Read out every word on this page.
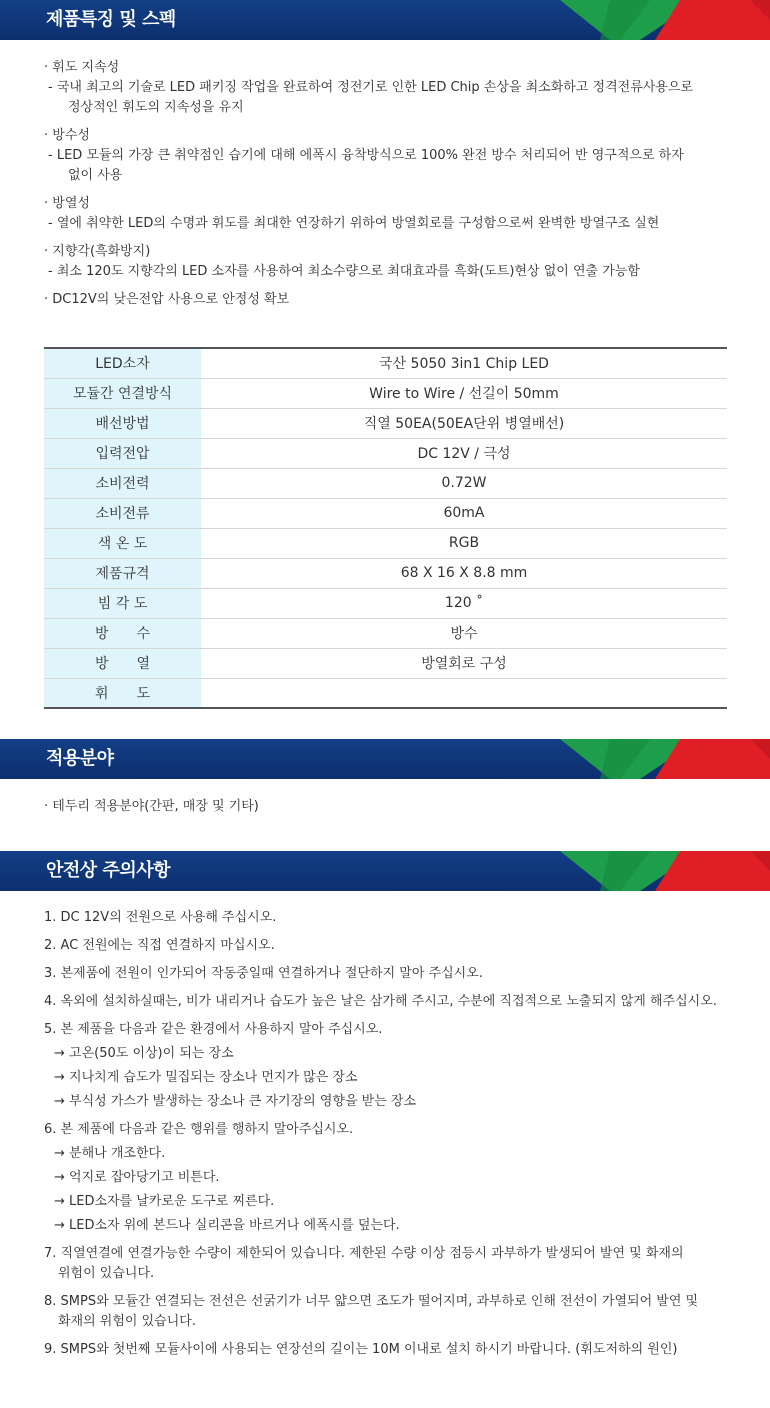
제품특징 및 스펙
· 휘도 지속성
- 국내 최고의 기술로 LED 패키징 작업을 완료하여 정전기로 인한 LED Chip 손상을 최소화하고 정격전류사용으로
정상적인 휘도의 지속성을 유지
· 방수성
- LED 모듈의 가장 큰 취약점인 습기에 대해 에폭시 융착방식으로 100% 완전 방수 처리되어 반 영구적으로 하자
없이 사용
· 방열성
- 열에 취약한 LED의 수명과 휘도를 최대한 연장하기 위하여 방열회로를 구성함으로써 완벽한 방열구조 실현
· 지향각(흑화방지)
- 최소 120도 지향각의 LED 소자를 사용하여 최소수량으로 최대효과를 흑화(도트)현상 없이 연출 가능함
· DC12V의 낮은전압 사용으로 안정성 확보
LED소자	국산 5050 3in1 Chip LED
모듈간 연결방식	Wire to Wire / 선길이 50mm
배선방법	직열 50EA(50EA단위 병열배선)
입력전압	DC 12V / 극성
소비전력	0.72W
소비전류	60mA
색 온 도	RGB
제품규격	68 X 16 X 8.8 mm
빔 각 도	120 ˚
방　　수	방수
방　　열	방열회로 구성
휘　　도	
적용분야
· 테두리 적용분야(간판, 매장 및 기타)
안전상 주의사항
1. DC 12V의 전원으로 사용해 주십시오.
2. AC 전원에는 직접 연결하지 마십시오.
3. 본제품에 전원이 인가되어 작동중일때 연결하거나 절단하지 말아 주십시오.
4. 옥외에 설치하실때는, 비가 내리거나 습도가 높은 날은 삼가해 주시고, 수분에 직접적으로 노출되지 않게 해주십시오.
5. 본 제품을 다음과 같은 환경에서 사용하지 말아 주십시오.
→ 고온(50도 이상)이 되는 장소
→ 지나치게 습도가 밀집되는 장소나 먼지가 많은 장소
→ 부식성 가스가 발생하는 장소나 큰 자기장의 영향을 받는 장소
6. 본 제품에 다음과 같은 행위를 행하지 말아주십시오.
→ 분해나 개조한다.
→ 억지로 잡아당기고 비튼다.
→ LED소자를 날카로운 도구로 찌른다.
→ LED소자 위에 본드나 실리콘을 바르거나 에폭시를 덮는다.
7. 직열연결에 연결가능한 수량이 제한되어 있습니다. 제한된 수량 이상 점등시 과부하가 발생되어 발연 및 화재의
위험이 있습니다.
8. SMPS와 모듈간 연결되는 전선은 선굵기가 너무 얇으면 조도가 떨어지며, 과부하로 인해 전선이 가열되어 발연 및
화재의 위험이 있습니다.
9. SMPS와 첫번째 모듈사이에 사용되는 연장선의 길이는 10M 이내로 설치 하시기 바랍니다. (휘도저하의 원인)
